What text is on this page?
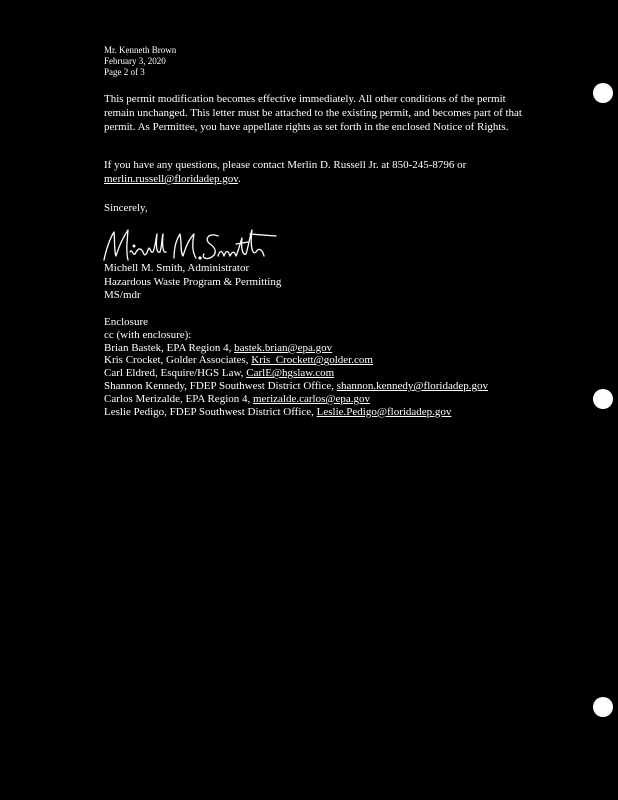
Mr. Kenneth Brown
February 3, 2020
Page 2 of 3
This permit modification becomes effective immediately. All other conditions of the permit remain unchanged. This letter must be attached to the existing permit, and becomes part of that permit. As Permittee, you have appellate rights as set forth in the enclosed Notice of Rights.
If you have any questions, please contact Merlin D. Russell Jr. at 850-245-8796 or merlin.russell@floridadep.gov.
Sincerely,
Michell M. Smith, Administrator
Hazardous Waste Program & Permitting
MS/mdr
Enclosure
cc (with enclosure):
Brian Bastek, EPA Region 4, bastek.brian@epa.gov
Kris Crocket, Golder Associates, Kris_Crockett@golder.com
Carl Eldred, Esquire/HGS Law, CarlE@hgslaw.com
Shannon Kennedy, FDEP Southwest District Office, shannon.kennedy@floridadep.gov
Carlos Merizalde, EPA Region 4, merizalde.carlos@epa.gov
Leslie Pedigo, FDEP Southwest District Office, Leslie.Pedigo@floridadep.gov
